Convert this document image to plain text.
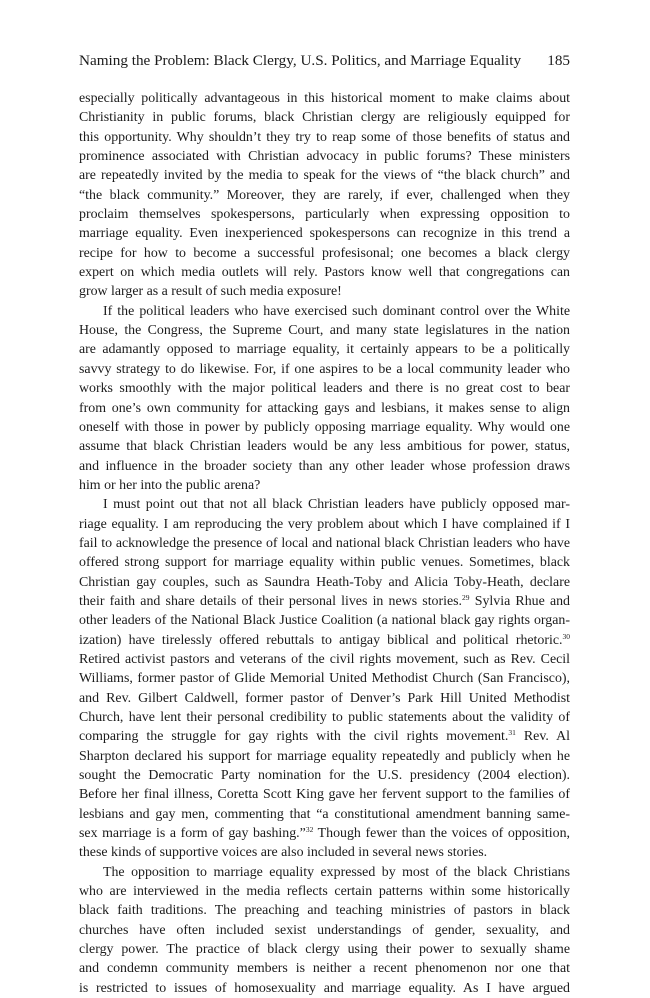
Naming the Problem: Black Clergy, U.S. Politics, and Marriage Equality 185

especially politically advantageous in this historical moment to make claims about

Christianity in public forums, black Christian clergy are religiously equipped for

this opportunity. Why shouldn’t they try to reap some of those benefits of status and

prominence associated with Christian advocacy in public forums? These ministers

are repeatedly invited by the media to speak for the views of “the black church” and

“the black community.” Moreover, they are rarely, if ever, challenged when they

proclaim themselves spokespersons, particularly when expressing opposition to

marriage equality. Even inexperienced spokespersons can recognize in this trend a

recipe for how to become a successful profesisonal; one becomes a black clergy

expert on which media outlets will rely. Pastors know well that congregations can

grow larger as a result of such media exposure!

If the political leaders who have exercised such dominant control over the White

House, the Congress, the Supreme Court, and many state legislatures in the nation

are adamantly opposed to marriage equality, it certainly appears to be a politically

savvy strategy to do likewise. For, if one aspires to be a local community leader who

works smoothly with the major political leaders and there is no great cost to bear

from one’s own community for attacking gays and lesbians, it makes sense to align

oneself with those in power by publicly opposing marriage equality. Why would one

assume that black Christian leaders would be any less ambitious for power, status,

and influence in the broader society than any other leader whose profession draws

him or her into the public arena?

I must point out that not all black Christian leaders have publicly opposed mar-

riage equality. I am reproducing the very problem about which I have complained if I

fail to acknowledge the presence of local and national black Christian leaders who have

offered strong support for marriage equality within public venues. Sometimes, black

Christian gay couples, such as Saundra Heath-Toby and Alicia Toby-Heath, declare

their faith and share details of their personal lives in news stories.$^{29}$ Sylvia Rhue and

other leaders of the National Black Justice Coalition (a national black gay rights organ-

ization) have tirelessly offered rebuttals to antigay biblical and political rhetoric.$^{30}$

Retired activist pastors and veterans of the civil rights movement, such as Rev. Cecil

Williams, former pastor of Glide Memorial United Methodist Church (San Francisco),

and Rev. Gilbert Caldwell, former pastor of Denver’s Park Hill United Methodist

Church, have lent their personal credibility to public statements about the validity of

comparing the struggle for gay rights with the civil rights movement.$^{31}$ Rev. Al

Sharpton declared his support for marriage equality repeatedly and publicly when he

sought the Democratic Party nomination for the U.S. presidency (2004 election).

Before her final illness, Coretta Scott King gave her fervent support to the families of

lesbians and gay men, commenting that “a constitutional amendment banning same-

sex marriage is a form of gay bashing.”$^{32}$ Though fewer than the voices of opposition,

these kinds of supportive voices are also included in several news stories.

The opposition to marriage equality expressed by most of the black Christians

who are interviewed in the media reflects certain patterns within some historically

black faith traditions. The preaching and teaching ministries of pastors in black

churches have often included sexist understandings of gender, sexuality, and

clergy power. The practice of black clergy using their power to sexually shame

and condemn community members is neither a recent phenomenon nor one that

is restricted to issues of homosexuality and marriage equality. As I have argued
